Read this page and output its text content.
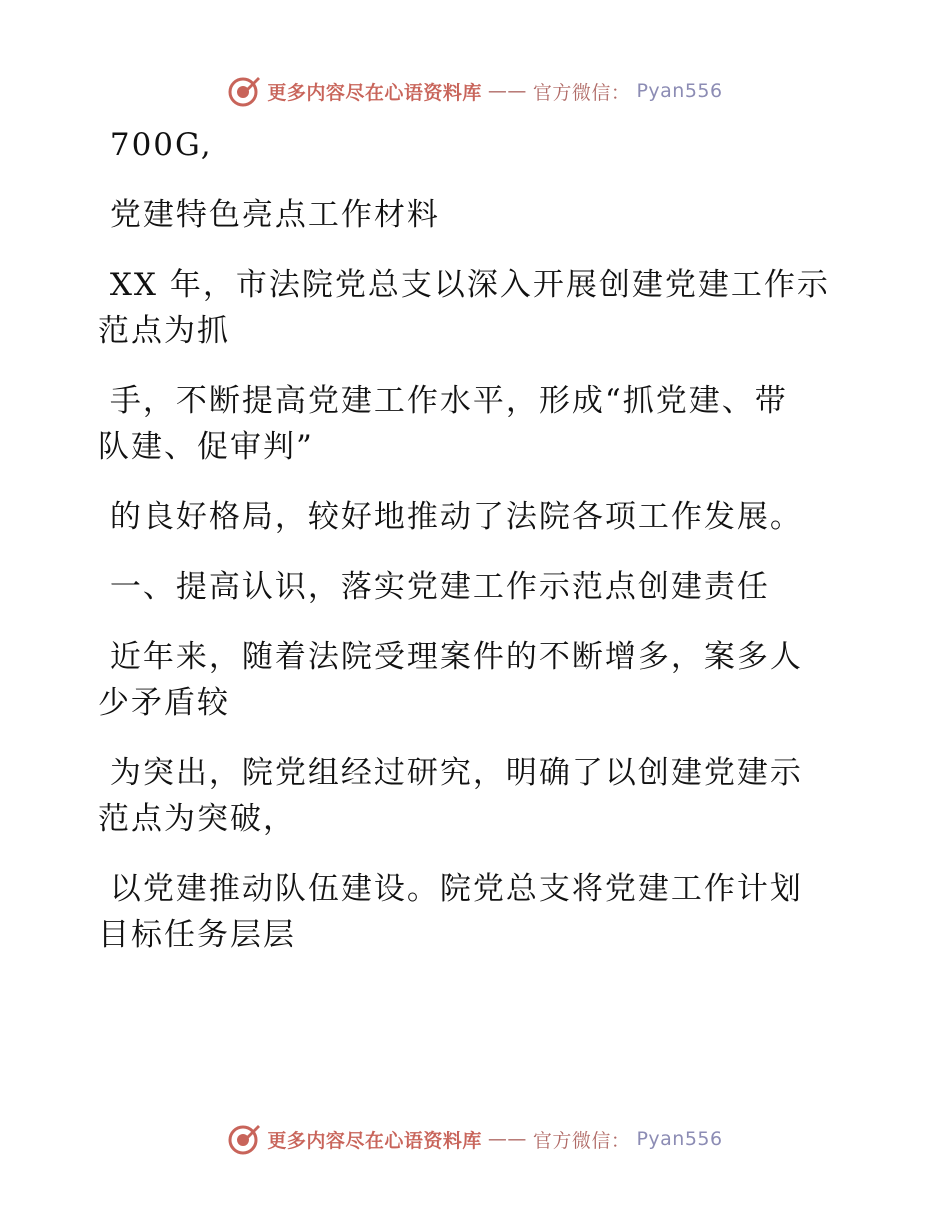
更多内容尽在心语资料库 —— 官方微信： Pyan556

700G,

党建特色亮点工作材料

XX 年，市法院党总支以深入开展创建党建工作示
范点为抓

手，不断提高党建工作水平，形成“抓党建、带
队建、促审判”

的良好格局，较好地推动了法院各项工作发展。

一、提高认识，落实党建工作示范点创建责任

近年来，随着法院受理案件的不断增多，案多人
少矛盾较

为突出，院党组经过研究，明确了以创建党建示
范点为突破，

以党建推动队伍建设。院党总支将党建工作计划
目标任务层层

更多内容尽在心语资料库 —— 官方微信： Pyan556
